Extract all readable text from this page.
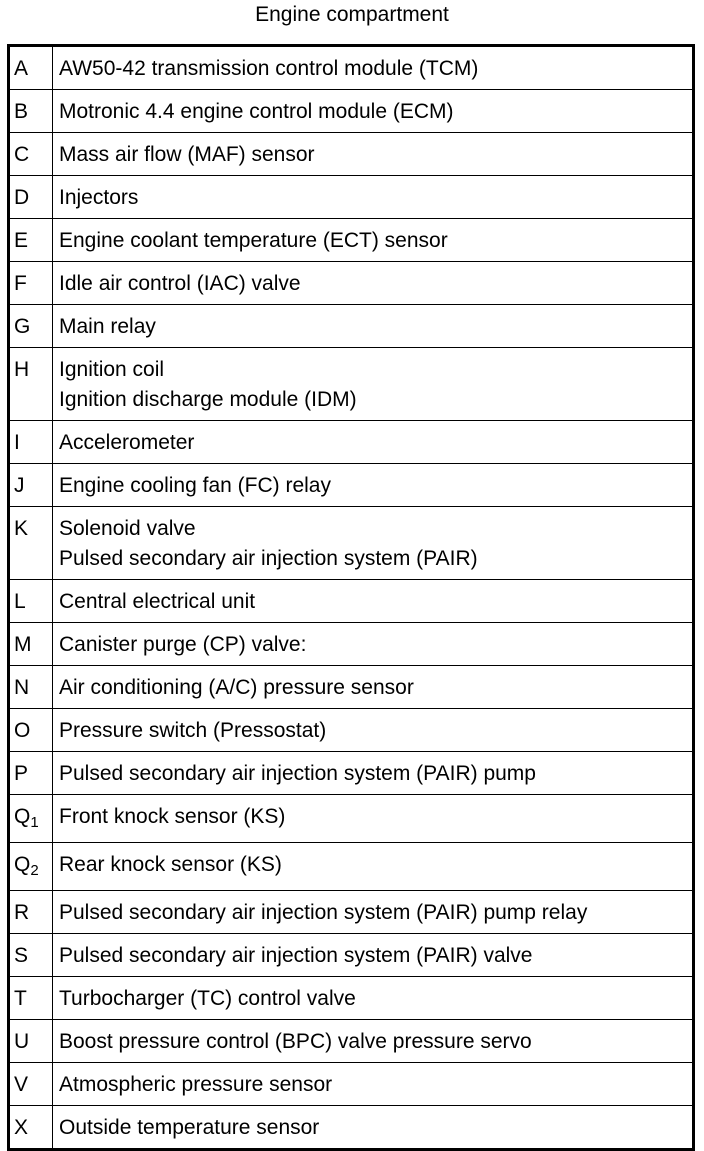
Engine compartment
A	AW50-42 transmission control module (TCM)

B	Motronic 4.4 engine control module (ECM)

C	Mass air flow (MAF) sensor

D	Injectors

E	Engine coolant temperature (ECT) sensor

F	Idle air control (IAC) valve

G	Main relay

H	Ignition coil
Ignition discharge module (IDM)

I	Accelerometer

J	Engine cooling fan (FC) relay

K	Solenoid valve
Pulsed secondary air injection system (PAIR)

L	Central electrical unit

M	Canister purge (CP) valve:

N	Air conditioning (A/C) pressure sensor

O	Pressure switch (Pressostat)

P	Pulsed secondary air injection system (PAIR) pump

$Q_1$	Front knock sensor (KS)

$Q_2$	Rear knock sensor (KS)

R	Pulsed secondary air injection system (PAIR) pump relay

S	Pulsed secondary air injection system (PAIR) valve

T	Turbocharger (TC) control valve

U	Boost pressure control (BPC) valve pressure servo

V	Atmospheric pressure sensor

X	Outside temperature sensor
